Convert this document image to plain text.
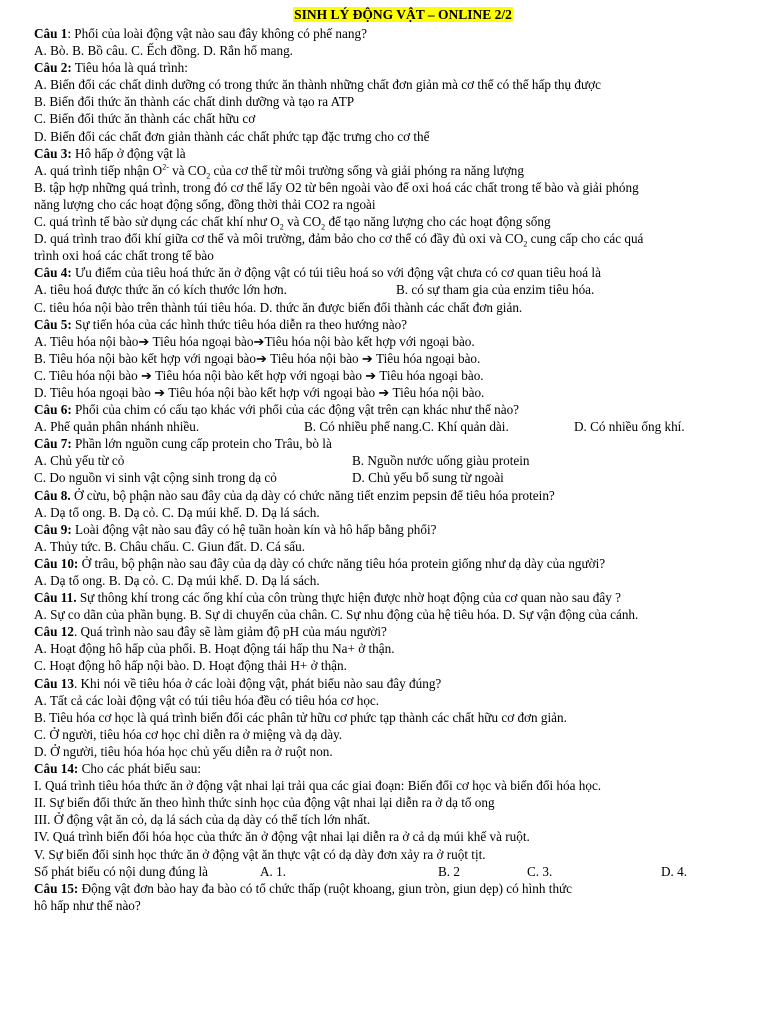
SINH LÝ ĐỘNG VẬT – ONLINE 2/2
Câu 1: Phổi của loài động vật nào sau đây không có phế nang?
A. Bò. B. Bồ câu. C. Ếch đồng. D. Rắn hổ mang.
Câu 2: Tiêu hóa là quá trình:
A. Biến đổi các chất dinh dưỡng có trong thức ăn thành những chất đơn giản mà cơ thể có thể hấp thụ được
B. Biến đổi thức ăn thành các chất dinh dưỡng và tạo ra ATP
C. Biến đổi thức ăn thành các chất hữu cơ
D. Biến đổi các chất đơn giản thành các chất phức tạp đặc trưng cho cơ thể
Câu 3: Hô hấp ở động vật là
A. quá trình tiếp nhận $O^{2-}$ và $CO_2$ của cơ thể từ môi trường sống và giải phóng ra năng lượng
B. tập hợp những quá trình, trong đó cơ thể lấy O2 từ bên ngoài vào để oxi hoá các chất trong tế bào và giải phóng
năng lượng cho các hoạt động sống, đồng thời thải CO2 ra ngoài
C. quá trình tế bào sử dụng các chất khí như $O_2$ và $CO_2$ để tạo năng lượng cho các hoạt động sống
D. quá trình trao đổi khí giữa cơ thể và môi trường, đảm bảo cho cơ thể có đầy đủ oxi và $CO_2$ cung cấp cho các quá
trình oxi hoá các chất trong tế bào
Câu 4: Ưu điểm của tiêu hoá thức ăn ở động vật có túi tiêu hoá so với động vật chưa có cơ quan tiêu hoá là
A. tiêu hoá được thức ăn có kích thước lớn hơn.	B. có sự tham gia của enzim tiêu hóa.
C. tiêu hóa nội bào trên thành túi tiêu hóa. D. thức ăn được biến đổi thành các chất đơn giản.
Câu 5: Sự tiến hóa của các hình thức tiêu hóa diễn ra theo hướng nào?
A. Tiêu hóa nội bào➔ Tiêu hóa ngoại bào➔Tiêu hóa nội bào kết hợp với ngoại bào.
B. Tiêu hóa nội bào kết hợp với ngoại bào➔ Tiêu hóa nội bào ➔ Tiêu hóa ngoại bào.
C. Tiêu hóa nội bào ➔ Tiêu hóa nội bào kết hợp với ngoại bào ➔ Tiêu hóa ngoại bào.
D. Tiêu hóa ngoại bào ➔ Tiêu hóa nội bào kết hợp với ngoại bào ➔ Tiêu hóa nội bào.
Câu 6: Phổi của chim có cấu tạo khác với phổi của các động vật trên cạn khác như thế nào?
A. Phế quản phân nhánh nhiều.	B. Có nhiều phế nang.C. Khí quản dài.	D. Có nhiều ống khí.
Câu 7: Phần lớn nguồn cung cấp protein cho Trâu, bò là
A. Chủ yếu từ cỏ	B. Nguồn nước uống giàu protein
C. Do nguồn vi sinh vật cộng sinh trong dạ cỏ	D. Chủ yếu bổ sung từ ngoài
Câu 8. Ở cừu, bộ phận nào sau đây của dạ dày có chức năng tiết enzim pepsin để tiêu hóa protein?
A. Dạ tổ ong. B. Dạ cỏ. C. Dạ múi khế. D. Dạ lá sách.
Câu 9: Loài động vật nào sau đây có hệ tuần hoàn kín và hô hấp bằng phổi?
A. Thủy tức. B. Châu chấu. C. Giun đất. D. Cá sấu.
Câu 10: Ở trâu, bộ phận nào sau đây của dạ dày có chức năng tiêu hóa protein giống như dạ dày của người?
A. Dạ tổ ong. B. Dạ cỏ. C. Dạ múi khế. D. Dạ lá sách.
Câu 11. Sự thông khí trong các ống khí của côn trùng thực hiện được nhờ hoạt động của cơ quan nào sau đây ?
A. Sự co dãn của phần bụng. B. Sự di chuyển của chân. C. Sự nhu động của hệ tiêu hóa. D. Sự vận động của cánh.
Câu 12. Quá trình nào sau đây sẽ làm giảm độ pH của máu người?
A. Hoạt động hô hấp của phổi. B. Hoạt động tái hấp thu Na+ ở thận.
C. Hoạt động hô hấp nội bào. D. Hoạt động thải H+ ở thận.
Câu 13. Khi nói về tiêu hóa ở các loài động vật, phát biểu nào sau đây đúng?
A. Tất cả các loài động vật có túi tiêu hóa đều có tiêu hóa cơ học.
B. Tiêu hóa cơ học là quá trình biến đổi các phân tử hữu cơ phức tạp thành các chất hữu cơ đơn giản.
C. Ở người, tiêu hóa cơ học chỉ diễn ra ở miệng và dạ dày.
D. Ở người, tiêu hóa hóa học chủ yếu diễn ra ở ruột non.
Câu 14: Cho các phát biểu sau:
I. Quá trình tiêu hóa thức ăn ở động vật nhai lại trải qua các giai đoạn: Biến đổi cơ học và biến đổi hóa học.
II. Sự biến đổi thức ăn theo hình thức sinh học của động vật nhai lại diễn ra ở dạ tổ ong
III. Ở động vật ăn cỏ, dạ lá sách của dạ dày có thể tích lớn nhất.
IV. Quá trình biến đổi hóa học của thức ăn ở động vật nhai lại diễn ra ở cả dạ múi khế và ruột.
V. Sự biến đổi sinh học thức ăn ở động vật ăn thực vật có dạ dày đơn xảy ra ở ruột tịt.
Số phát biểu có nội dung đúng là	A. 1.	B. 2	C. 3.	D. 4.
Câu 15: Động vật đơn bào hay đa bào có tổ chức thấp (ruột khoang, giun tròn, giun dẹp) có hình thức
hô hấp như thế nào?
